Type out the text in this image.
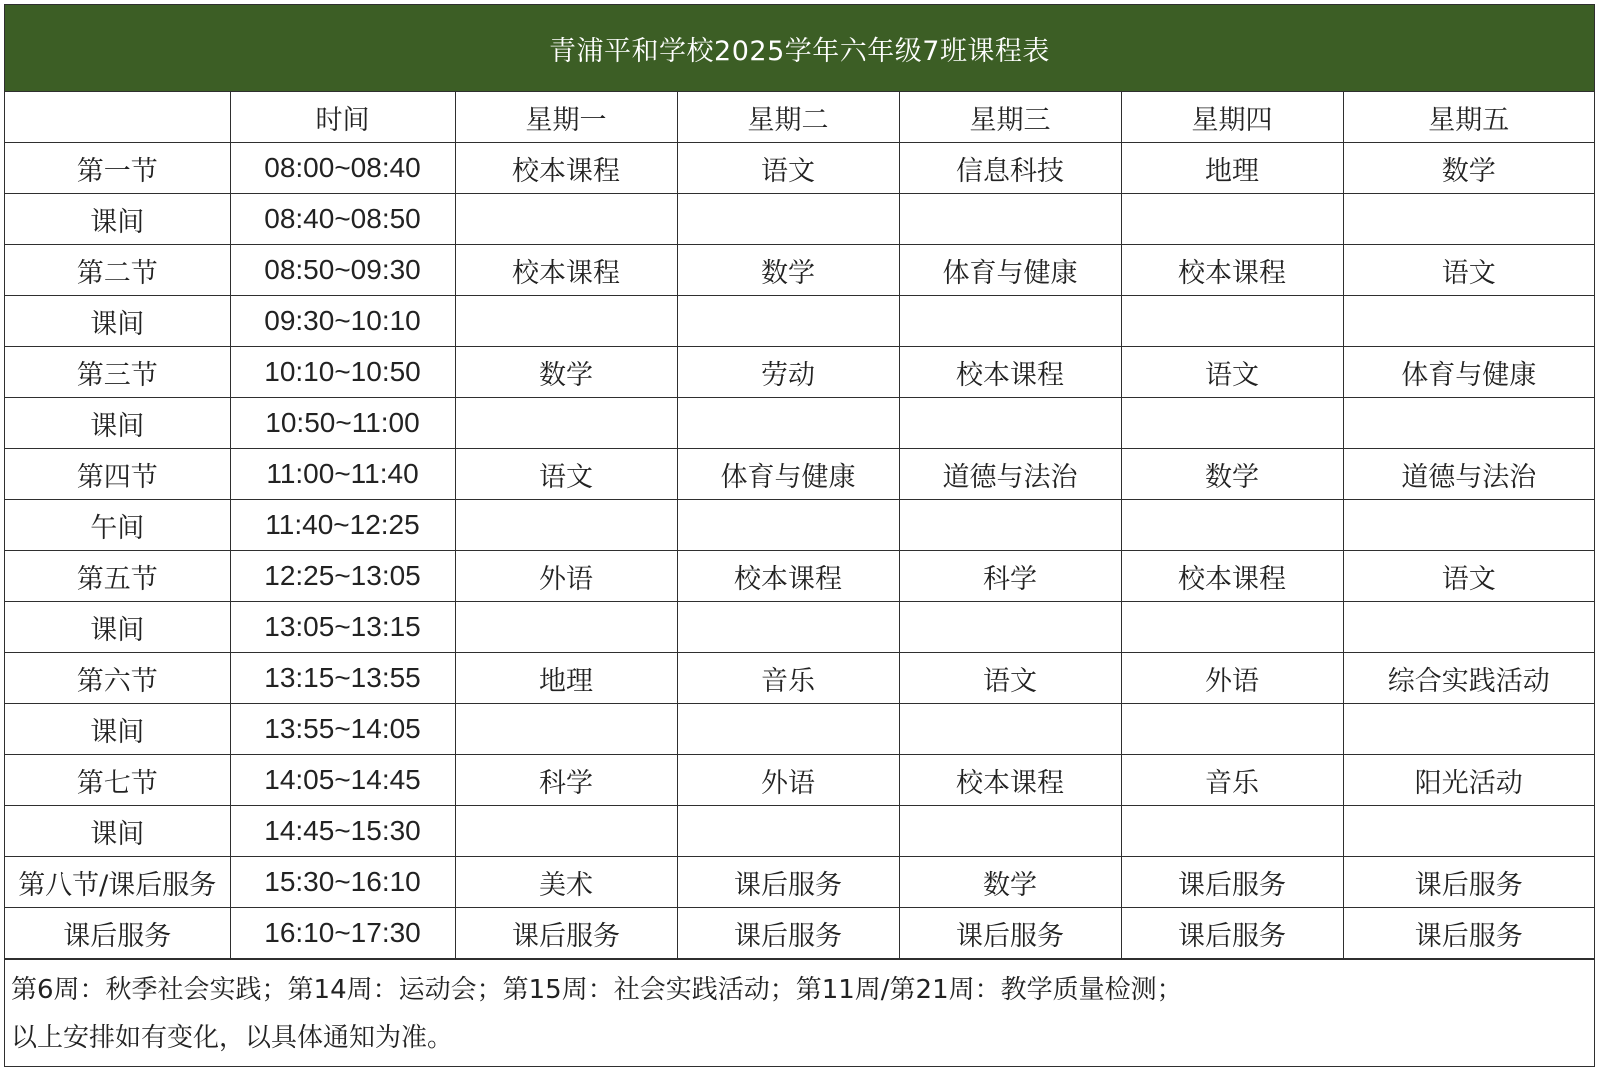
青浦平和学校2025学年六年级7班课程表
	时间	星期一	星期二	星期三	星期四	星期五
第一节	08:00~08:40	校本课程	语文	信息科技	地理	数学
课间	08:40~08:50					
第二节	08:50~09:30	校本课程	数学	体育与健康	校本课程	语文
课间	09:30~10:10					
第三节	10:10~10:50	数学	劳动	校本课程	语文	体育与健康
课间	10:50~11:00					
第四节	11:00~11:40	语文	体育与健康	道德与法治	数学	道德与法治
午间	11:40~12:25					
第五节	12:25~13:05	外语	校本课程	科学	校本课程	语文
课间	13:05~13:15					
第六节	13:15~13:55	地理	音乐	语文	外语	综合实践活动
课间	13:55~14:05					
第七节	14:05~14:45	科学	外语	校本课程	音乐	阳光活动
课间	14:45~15:30					
第八节/课后服务	15:30~16:10	美术	课后服务	数学	课后服务	课后服务
课后服务	16:10~17:30	课后服务	课后服务	课后服务	课后服务	课后服务
第6周：秋季社会实践；第14周：运动会；第15周：社会实践活动；第11周/第21周：教学质量检测；
以上安排如有变化，以具体通知为准。
